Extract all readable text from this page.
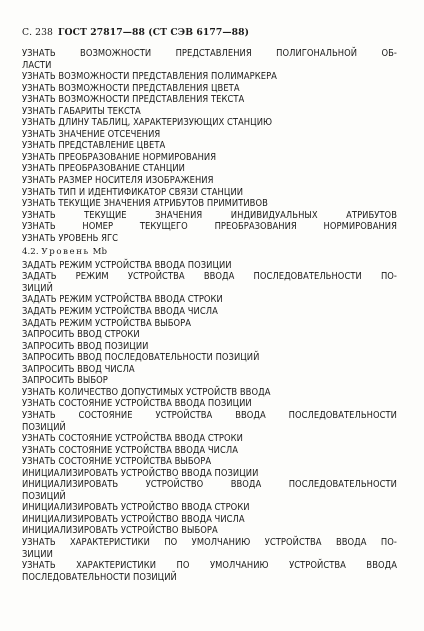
С. 238 ГОСТ 27817—88 (СТ СЭВ 6177—88)
УЗНАТЬ	ВОЗМОЖНОСТИ	ПРЕДСТАВЛЕНИЯ	ПОЛИГОНАЛЬНОЙ	ОБ-
ЛАСТИ
УЗНАТЬ ВОЗМОЖНОСТИ ПРЕДСТАВЛЕНИЯ ПОЛИМАРКЕРА
УЗНАТЬ ВОЗМОЖНОСТИ ПРЕДСТАВЛЕНИЯ ЦВЕТА
УЗНАТЬ ВОЗМОЖНОСТИ ПРЕДСТАВЛЕНИЯ ТЕКСТА
УЗНАТЬ ГАБАРИТЫ ТЕКСТА
УЗНАТЬ ДЛИНУ ТАБЛИЦ, ХАРАКТЕРИЗУЮЩИХ СТАНЦИЮ
УЗНАТЬ ЗНАЧЕНИЕ ОТСЕЧЕНИЯ
УЗНАТЬ ПРЕДСТАВЛЕНИЕ ЦВЕТА
УЗНАТЬ ПРЕОБРАЗОВАНИЕ НОРМИРОВАНИЯ
УЗНАТЬ ПРЕОБРАЗОВАНИЕ СТАНЦИИ
УЗНАТЬ РАЗМЕР НОСИТЕЛЯ ИЗОБРАЖЕНИЯ
УЗНАТЬ ТИП И ИДЕНТИФИКАТОР СВЯЗИ СТАНЦИИ
УЗНАТЬ ТЕКУЩИЕ ЗНАЧЕНИЯ АТРИБУТОВ ПРИМИТИВОВ
УЗНАТЬ	ТЕКУЩИЕ	ЗНАЧЕНИЯ	ИНДИВИДУАЛЬНЫХ	АТРИБУТОВ
УЗНАТЬ	НОМЕР	ТЕКУЩЕГО	ПРЕОБРАЗОВАНИЯ	НОРМИРОВАНИЯ
УЗНАТЬ УРОВЕНЬ ЯГС
4.2. Уровень Mb
ЗАДАТЬ РЕЖИМ УСТРОЙСТВА ВВОДА ПОЗИЦИИ
ЗАДАТЬ РЕЖИМ УСТРОЙСТВА ВВОДА ПОСЛЕДОВАТЕЛЬНОСТИ ПО-
ЗИЦИЙ
ЗАДАТЬ РЕЖИМ УСТРОЙСТВА ВВОДА СТРОКИ
ЗАДАТЬ РЕЖИМ УСТРОЙСТВА ВВОДА ЧИСЛА
ЗАДАТЬ РЕЖИМ УСТРОЙСТВА ВЫБОРА
ЗАПРОСИТЬ ВВОД СТРОКИ
ЗАПРОСИТЬ ВВОД ПОЗИЦИИ
ЗАПРОСИТЬ ВВОД ПОСЛЕДОВАТЕЛЬНОСТИ ПОЗИЦИЙ
ЗАПРОСИТЬ ВВОД ЧИСЛА
ЗАПРОСИТЬ ВЫБОР
УЗНАТЬ КОЛИЧЕСТВО ДОПУСТИМЫХ УСТРОЙСТВ ВВОДА
УЗНАТЬ СОСТОЯНИЕ УСТРОЙСТВА ВВОДА ПОЗИЦИИ
УЗНАТЬ СОСТОЯНИЕ УСТРОЙСТВА ВВОДА ПОСЛЕДОВАТЕЛЬНОСТИ
ПОЗИЦИЙ
УЗНАТЬ СОСТОЯНИЕ УСТРОЙСТВА ВВОДА СТРОКИ
УЗНАТЬ СОСТОЯНИЕ УСТРОЙСТВА ВВОДА ЧИСЛА
УЗНАТЬ СОСТОЯНИЕ УСТРОЙСТВА ВЫБОРА
ИНИЦИАЛИЗИРОВАТЬ УСТРОЙСТВО ВВОДА ПОЗИЦИИ
ИНИЦИАЛИЗИРОВАТЬ	УСТРОЙСТВО	ВВОДА	ПОСЛЕДОВАТЕЛЬНОСТИ
ПОЗИЦИЙ
ИНИЦИАЛИЗИРОВАТЬ УСТРОЙСТВО ВВОДА СТРОКИ
ИНИЦИАЛИЗИРОВАТЬ УСТРОЙСТВО ВВОДА ЧИСЛА
ИНИЦИАЛИЗИРОВАТЬ УСТРОЙСТВО ВЫБОРА
УЗНАТЬ ХАРАКТЕРИСТИКИ ПО УМОЛЧАНИЮ УСТРОЙСТВА ВВОДА ПО-
ЗИЦИИ
УЗНАТЬ ХАРАКТЕРИСТИКИ ПО УМОЛЧАНИЮ УСТРОЙСТВА ВВОДА
ПОСЛЕДОВАТЕЛЬНОСТИ ПОЗИЦИЙ
